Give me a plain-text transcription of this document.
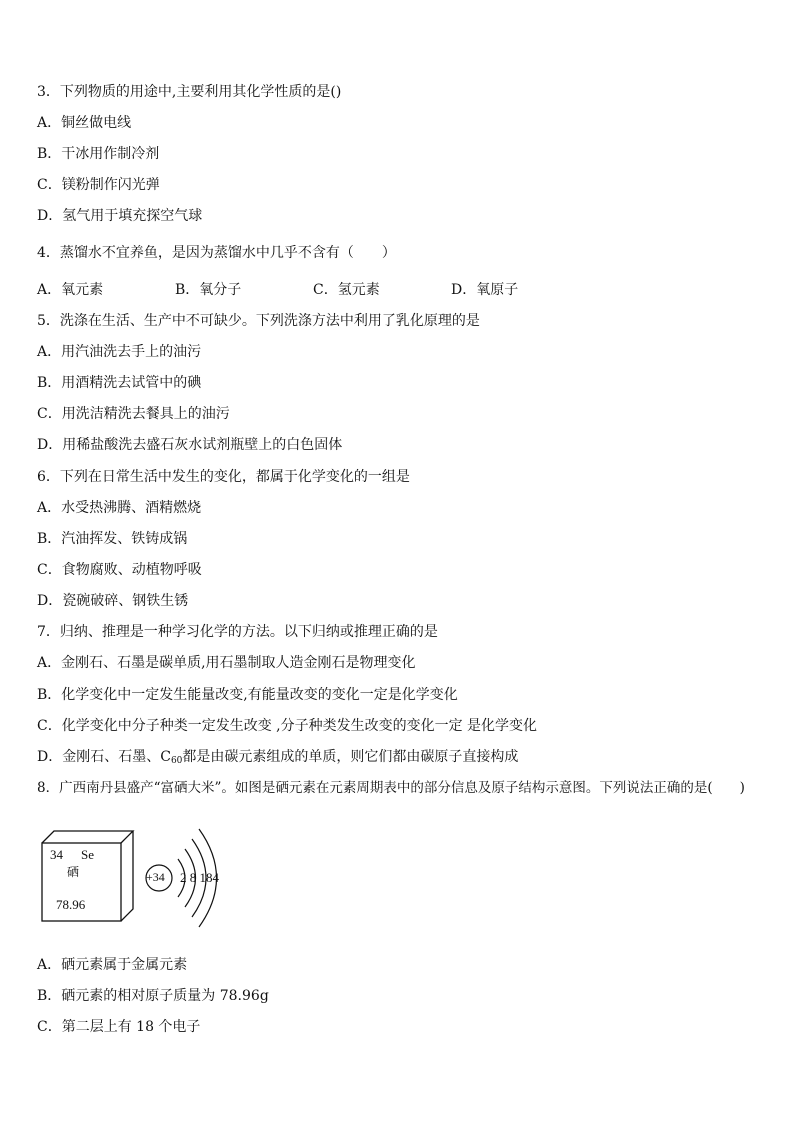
3．下列物质的用途中,主要利用其化学性质的是()
A．铜丝做电线
B．干冰用作制冷剂
C．镁粉制作闪光弹
D．氢气用于填充探空气球
4．蒸馏水不宜养鱼，是因为蒸馏水中几乎不含有（　　）
A．氧元素	B．氧分子	C．氢元素	D．氧原子
5．洗涤在生活、生产中不可缺少。下列洗涤方法中利用了乳化原理的是
A．用汽油洗去手上的油污
B．用酒精洗去试管中的碘
C．用洗洁精洗去餐具上的油污
D．用稀盐酸洗去盛石灰水试剂瓶壁上的白色固体
6．下列在日常生活中发生的变化，都属于化学变化的一组是
A．水受热沸腾、酒精燃烧
B．汽油挥发、铁铸成锅
C．食物腐败、动植物呼吸
D．瓷碗破碎、钢铁生锈
7．归纳、推理是一种学习化学的方法。以下归纳或推理正确的是
A．金刚石、石墨是碳单质,用石墨制取人造金刚石是物理变化
B．化学变化中一定发生能量改变,有能量改变的变化一定是化学变化
C．化学变化中分子种类一定发生改变 ,分子种类发生改变的变化一定 是化学变化
D．金刚石、石墨、$C_{60}$都是由碳元素组成的单质，则它们都由碳原子直接构成
8．广西南丹县盛产“富硒大米”。如图是硒元素在元素周期表中的部分信息及原子结构示意图。下列说法正确的是(　　)
34 Se
硒
78.96
+34 2 8 184
A．硒元素属于金属元素
B．硒元素的相对原子质量为 78.96g
C．第二层上有 18 个电子
